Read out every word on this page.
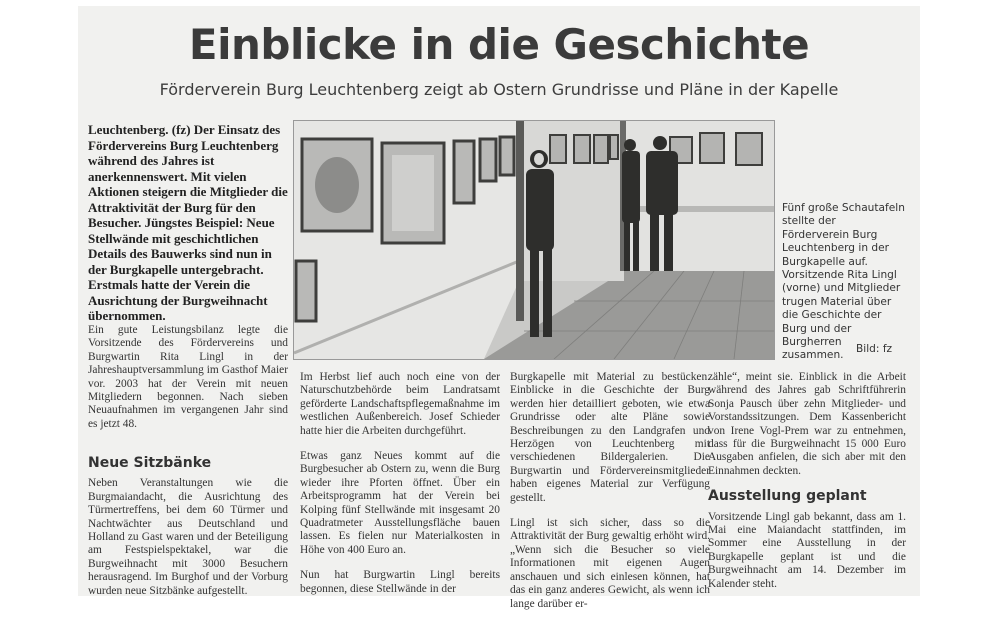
Einblicke in die Geschichte

Förderverein Burg Leuchtenberg zeigt ab Ostern Grundrisse und Pläne in der Kapelle

Leuchtenberg. (fz) Der Einsatz des Fördervereins Burg Leuchtenberg während des Jahres ist anerkennenswert. Mit vielen Aktionen steigern die Mitglieder die Attraktivität der Burg für den Besucher. Jüngstes Beispiel: Neue Stellwände mit geschichtlichen Details des Bauwerks sind nun in der Burgkapelle untergebracht. Erstmals hatte der Verein die Ausrichtung der Burgweihnacht übernommen.

Ein gute Leistungsbilanz legte die Vorsitzende des Fördervereins und Burgwartin Rita Lingl in der Jahreshauptversammlung im Gasthof Maier vor. 2003 hat der Verein mit neuen Mitgliedern begonnen. Nach sieben Neuaufnahmen im vergangenen Jahr sind es jetzt 48.

Neue Sitzbänke

Neben Veranstaltungen wie die Burgmaiandacht, die Ausrichtung des Türmertreffens, bei dem 60 Türmer und Nachtwächter aus Deutschland und Holland zu Gast waren und der Beteiligung am Festspielspektakel, war die Burgweihnacht mit 3000 Besuchern herausragend. Im Burghof und der Vorburg wurden neue Sitzbänke aufgestellt.

Im Herbst lief auch noch eine von der Naturschutzbehörde beim Landratsamt geförderte Landschaftspflegemaßnahme im westlichen Außenbereich. Josef Schieder hatte hier die Arbeiten durchgeführt.

Etwas ganz Neues kommt auf die Burgbesucher ab Ostern zu, wenn die Burg wieder ihre Pforten öffnet. Über ein Arbeitsprogramm hat der Verein bei Kolping fünf Stellwände mit insgesamt 20 Quadratmeter Ausstellungsfläche bauen lassen. Es fielen nur Materialkosten in Höhe von 400 Euro an.

Nun hat Burgwartin Lingl bereits begonnen, diese Stellwände in der

Burgkapelle mit Material zu bestücken. Einblicke in die Geschichte der Burg werden hier detailliert geboten, wie etwa Grundrisse oder alte Pläne sowie Beschreibungen zu den Landgrafen und Herzögen von Leuchtenberg mit verschiedenen Bildergalerien. Die Burgwartin und Fördervereinsmitglieder haben eigenes Material zur Verfügung gestellt.

Lingl ist sich sicher, dass so die Attraktivität der Burg gewaltig erhöht wird. „Wenn sich die Besucher so viele Informationen mit eigenen Augen anschauen und sich einlesen können, hat das ein ganz anderes Gewicht, als wenn ich lange darüber er-

zähle“, meint sie. Einblick in die Arbeit während des Jahres gab Schriftführerin Sonja Pausch über zehn Mitglieder- und Vorstandssitzungen. Dem Kassenbericht von Irene Vogl-Prem war zu entnehmen, dass für die Burgweihnacht 15 000 Euro Ausgaben anfielen, die sich aber mit den Einnahmen deckten.

Ausstellung geplant

Vorsitzende Lingl gab bekannt, dass am 1. Mai eine Maiandacht stattfinden, im Sommer eine Ausstellung in der Burgkapelle geplant ist und die Burgweihnacht am 14. Dezember im Kalender steht.

Fünf große Schautafeln stellte der Förderverein Burg Leuchtenberg in der Burgkapelle auf. Vorsitzende Rita Lingl (vorne) und Mitglieder trugen Material über die Geschichte der Burg und der Burgherren zusammen.

Bild: fz
